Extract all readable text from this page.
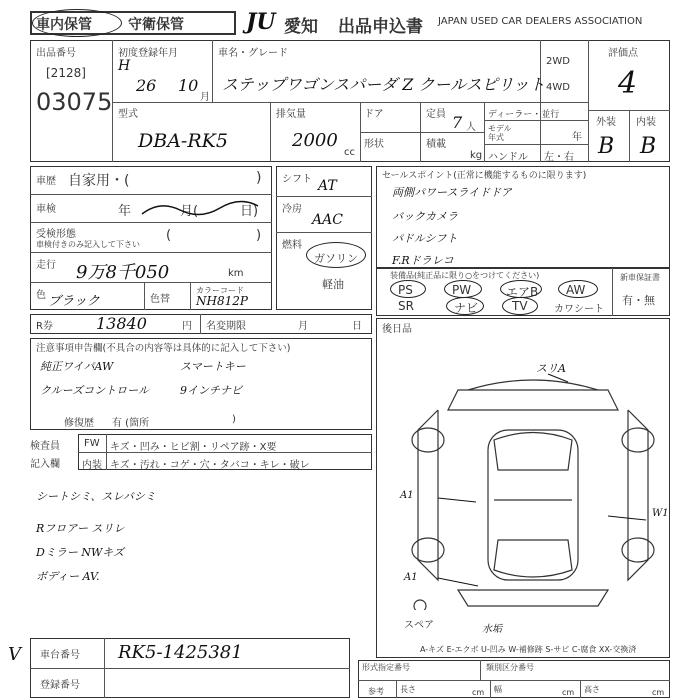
車内保管	守衛保管	JU 愛知 出品申込書 JAPAN USED CAR DEALERS ASSOCIATION
出品番号
[2128]
03075
初度登録年月
H
26 10
月
車名・グレード
ステップワゴンスパーダ Z クールスピリット
2WD
4WD
評価点
4
型式
DBA-RK5
排気量
2000
cc
ドア
形状
定員 7 人
積載
kg
ディーラー・並行
モデル年式	年
ハンドル 左・右
外装 内装
B B
車歴 自家用・(	)
車検	年	月(	日)
受検形態
車検付きのみ記入して下さい
(	)
走行 9万8千050	km
色 ブラック	色替
カラーコード
NH812P
R券	13840	円 名変期限	月	日
シフト AT
冷房
AAC
燃料
ガソリン
軽油
セールスポイント(正常に機能するものに限ります)
両側パワースライドドア
バックカメラ
パドルシフト
F.Rドラレコ
装備品(純正品に限り○をつけてください)
PS	PW	エアB AW
SR	ナビ	TV	カワシート
新車保証書
有・無
注意事項申告欄(不具合の内容等は具体的に記入して下さい)
純正ワイパAW	スマートキー
クルーズコントロール	9インチナビ
修復歴 有 (箇所	)
検査員
記入欄
FW キズ・凹み・ヒビ割・リペア跡・X要
内装 キズ・汚れ・コゲ・穴・タバコ・キレ・破レ
シートシミ、スレバシミ
Rフロアー スリレ
Dミラー NWキズ
ボディー AV.
後日品
スリA
A1
A1
W1
スペア	水垢
A-キズ E-エクボ U-凹み W-補修跡 S-サビ C-腐食 XX-交換済
V 車台番号 RK5-1425381
登録番号
形式指定番号	類別区分番号
参考 長さ	cm 幅	cm 高さ	cm
